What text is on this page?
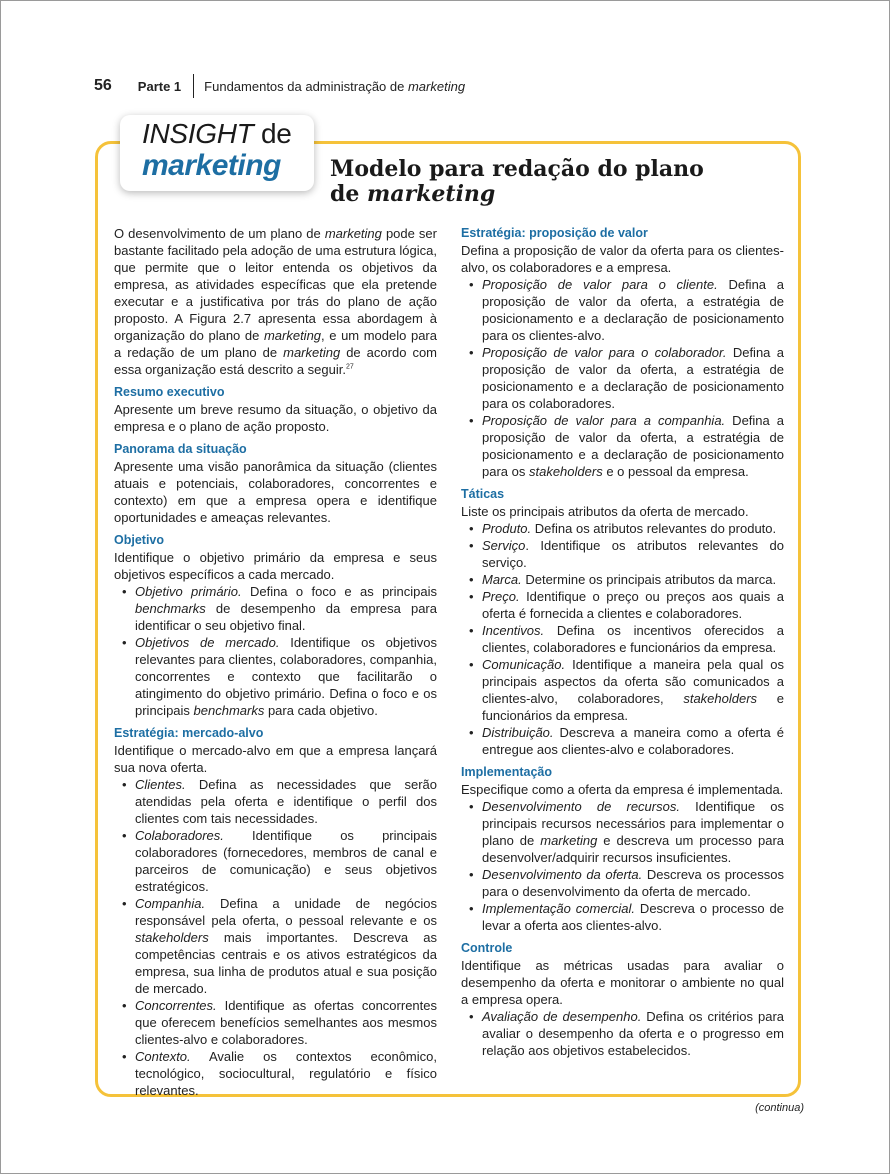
56 Parte 1 Fundamentos da administração de marketing
INSIGHT de
marketing	Modelo para redação do plano
de marketing

O desenvolvimento de um plano de marketing pode ser bastante facilitado pela adoção de uma estrutura lógica, que permite que o leitor entenda os objetivos da empresa, as atividades específicas que ela pretende executar e a justificativa por trás do plano de ação proposto. A Figura 2.7 apresenta essa abordagem à organização do plano de marketing, e um modelo para a redação de um plano de marketing de acordo com essa organização está descrito a seguir.$^{27}$

Resumo executivo

Apresente um breve resumo da situação, o objetivo da empresa e o plano de ação proposto.

Panorama da situação

Apresente uma visão panorâmica da situação (clientes atuais e potenciais, colaboradores, concorrentes e contexto) em que a empresa opera e identifique oportunidades e ameaças relevantes.

Objetivo

Identifique o objetivo primário da empresa e seus objetivos específicos a cada mercado.

• Objetivo primário. Defina o foco e as principais benchmarks de desempenho da empresa para identificar o seu objetivo final.
• Objetivos de mercado. Identifique os objetivos relevantes para clientes, colaboradores, companhia, concorrentes e contexto que facilitarão o atingimento do objetivo primário. Defina o foco e os principais benchmarks para cada objetivo.
Estratégia: mercado-alvo

Identifique o mercado-alvo em que a empresa lançará sua nova oferta.

• Clientes. Defina as necessidades que serão atendidas pela oferta e identifique o perfil dos clientes com tais necessidades.
• Colaboradores. Identifique os principais colaboradores (fornecedores, membros de canal e parceiros de comunicação) e seus objetivos estratégicos.
• Companhia. Defina a unidade de negócios responsável pela oferta, o pessoal relevante e os stakeholders mais importantes. Descreva as competências centrais e os ativos estratégicos da empresa, sua linha de produtos atual e sua posição de mercado.
• Concorrentes. Identifique as ofertas concorrentes que oferecem benefícios semelhantes aos mesmos clientes-alvo e colaboradores.
• Contexto. Avalie os contextos econômico, tecnológico, sociocultural, regulatório e físico relevantes.
Estratégia: proposição de valor

Defina a proposição de valor da oferta para os clientes-alvo, os colaboradores e a empresa.

• Proposição de valor para o cliente. Defina a proposição de valor da oferta, a estratégia de posicionamento e a declaração de posicionamento para os clientes-alvo.
• Proposição de valor para o colaborador. Defina a proposição de valor da oferta, a estratégia de posicionamento e a declaração de posicionamento para os colaboradores.
• Proposição de valor para a companhia. Defina a proposição de valor da oferta, a estratégia de posicionamento e a declaração de posicionamento para os stakeholders e o pessoal da empresa.
Táticas

Liste os principais atributos da oferta de mercado.

• Produto. Defina os atributos relevantes do produto.
• Serviço. Identifique os atributos relevantes do serviço.
• Marca. Determine os principais atributos da marca.
• Preço. Identifique o preço ou preços aos quais a oferta é fornecida a clientes e colaboradores.
• Incentivos. Defina os incentivos oferecidos a clientes, colaboradores e funcionários da empresa.
• Comunicação. Identifique a maneira pela qual os principais aspectos da oferta são comunicados a clientes-alvo, colaboradores, stakeholders e funcionários da empresa.
• Distribuição. Descreva a maneira como a oferta é entregue aos clientes-alvo e colaboradores.
Implementação

Especifique como a oferta da empresa é implementada.

• Desenvolvimento de recursos. Identifique os principais recursos necessários para implementar o plano de marketing e descreva um processo para desenvolver/adquirir recursos insuficientes.
• Desenvolvimento da oferta. Descreva os processos para o desenvolvimento da oferta de mercado.
• Implementação comercial. Descreva o processo de levar a oferta aos clientes-alvo.
Controle

Identifique as métricas usadas para avaliar o desempenho da oferta e monitorar o ambiente no qual a empresa opera.

• Avaliação de desempenho. Defina os critérios para avaliar o desempenho da oferta e o progresso em relação aos objetivos estabelecidos.
(continua)
